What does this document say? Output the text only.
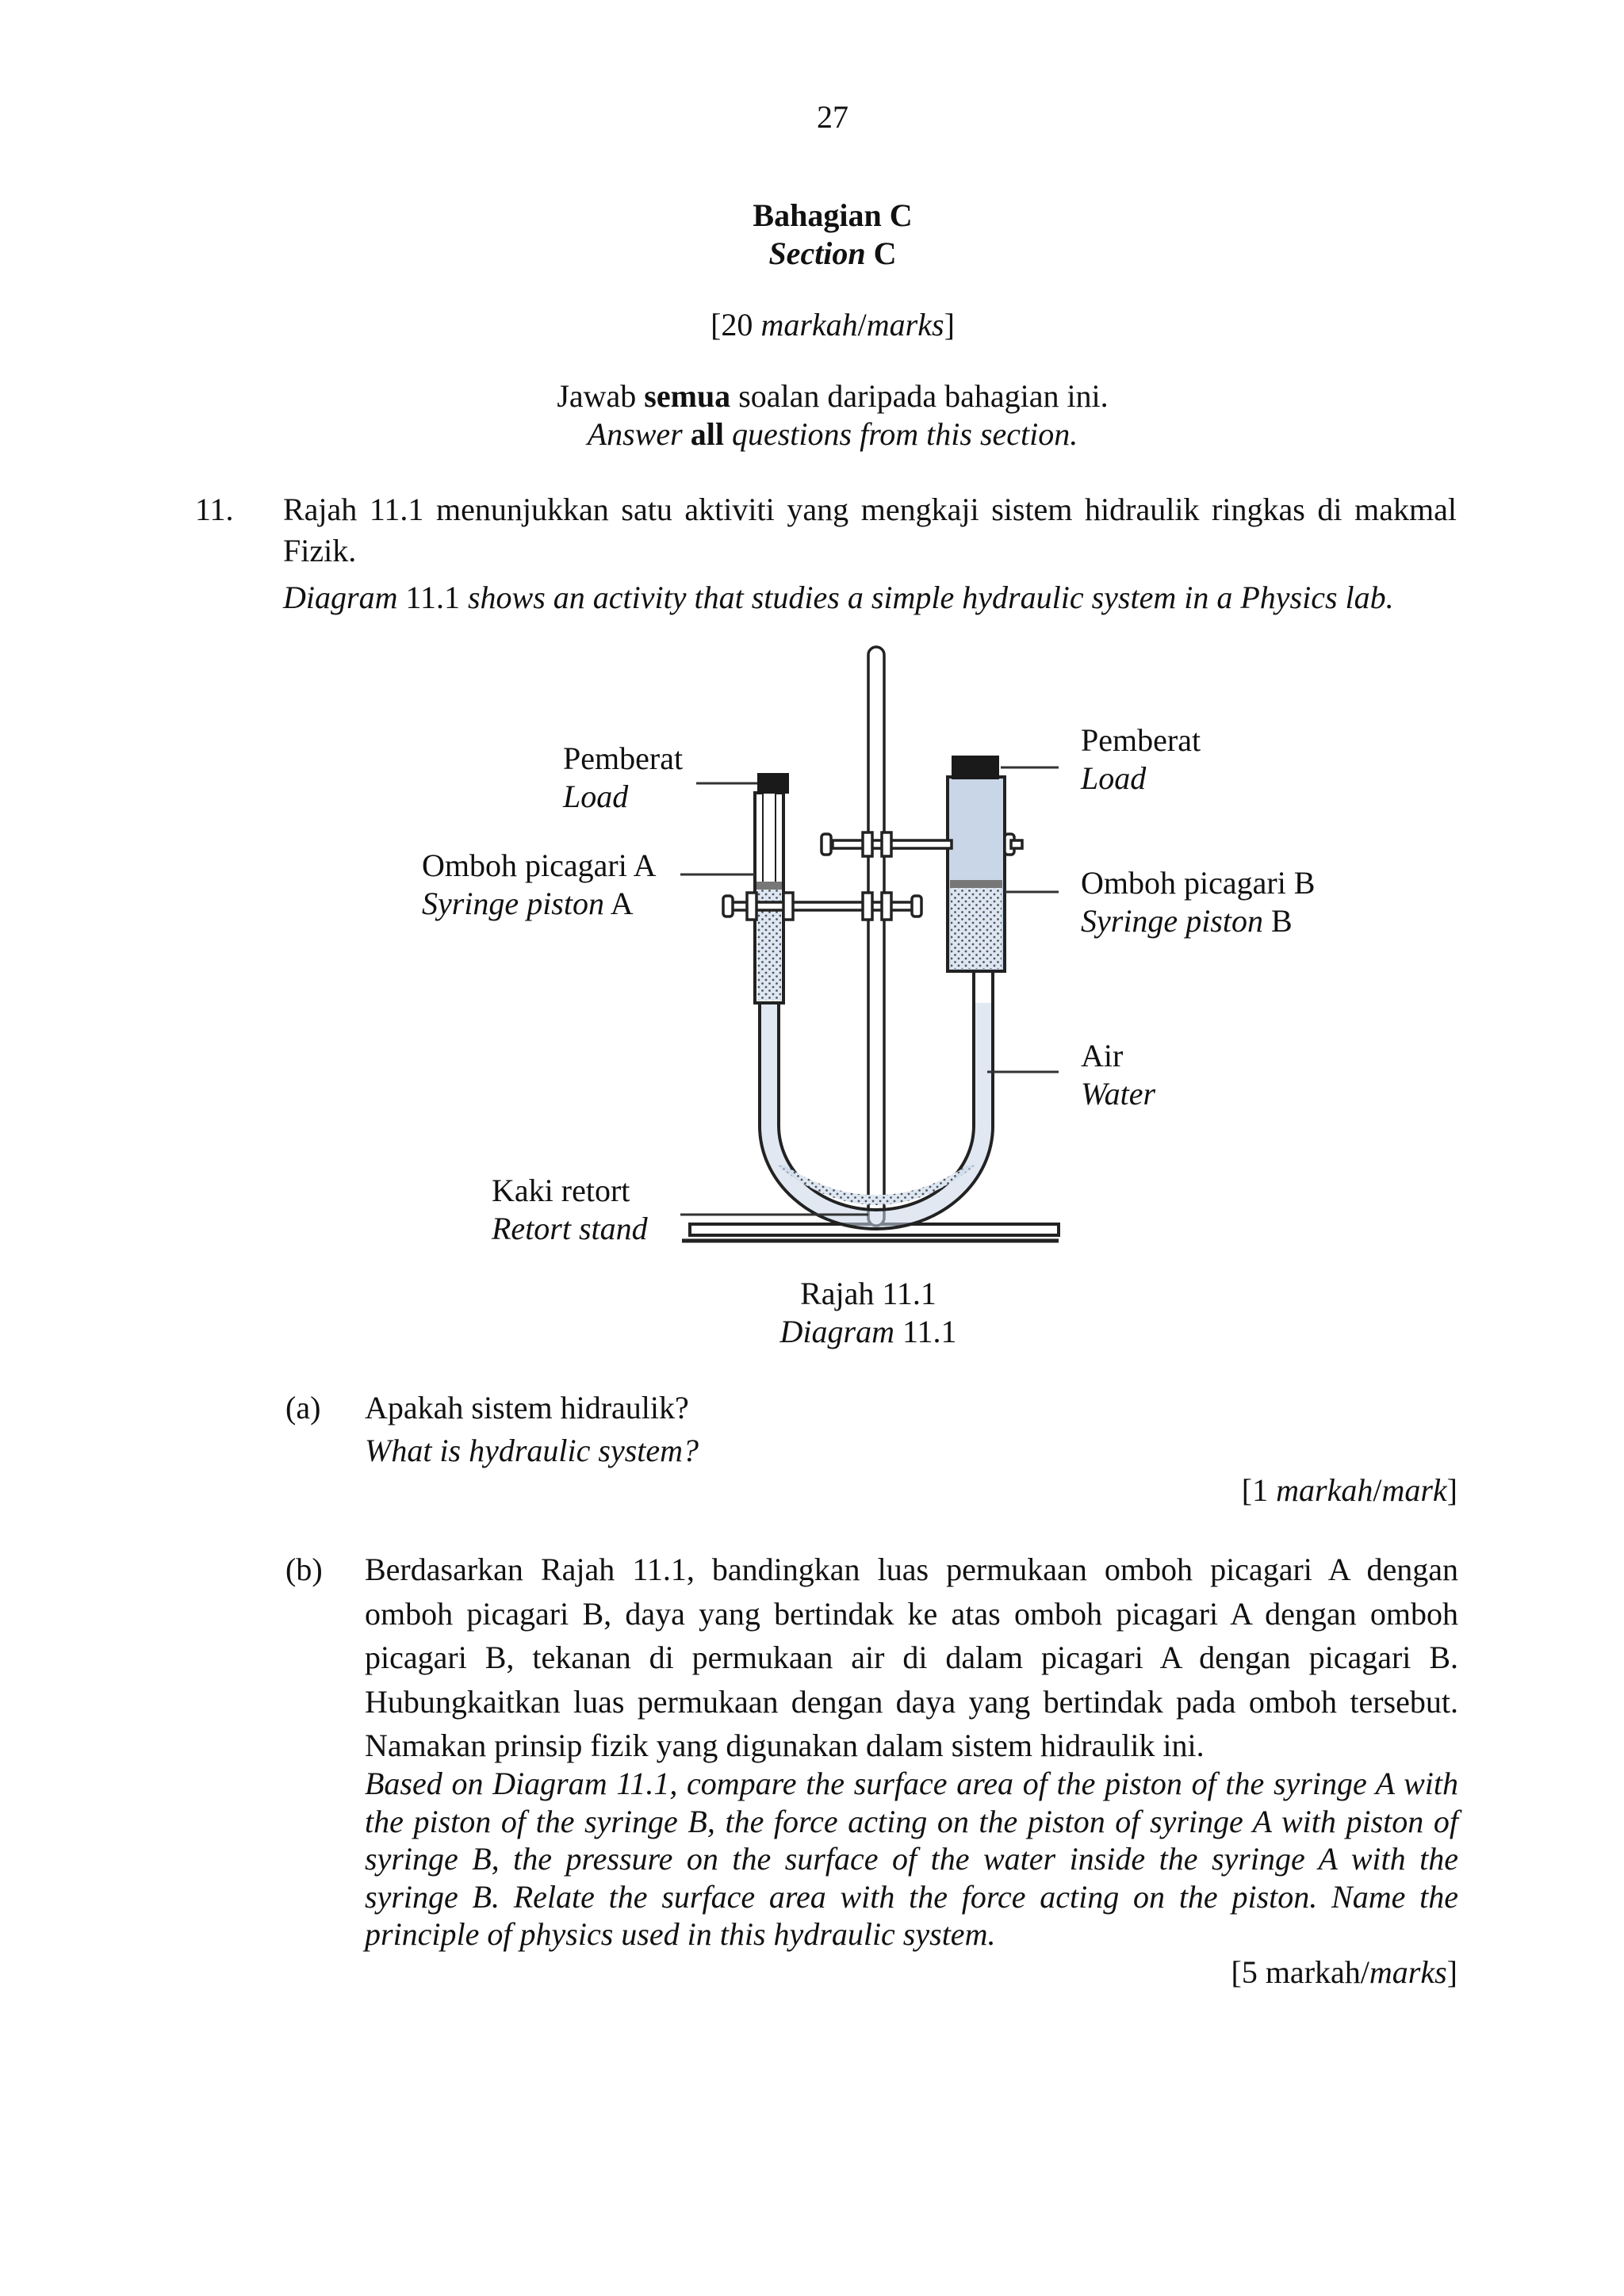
27
Bahagian C
Section C
[20 markah/marks]
Jawab semua soalan daripada bahagian ini.
Answer all questions from this section.
11. Rajah 11.1 menunjukkan satu aktiviti yang mengkaji sistem hidraulik ringkas di makmal Fizik.
Diagram 11.1 shows an activity that studies a simple hydraulic system in a Physics lab.
Pemberat
Load
Omboh picagari A
Syringe piston A
Pemberat
Load
Omboh picagari B
Syringe piston B
Air
Water
Kaki retort
Retort stand
Rajah 11.1
Diagram 11.1
(a) Apakah sistem hidraulik?
What is hydraulic system?
[1 markah/mark]
(b) Berdasarkan Rajah 11.1, bandingkan luas permukaan omboh picagari A dengan omboh picagari B, daya yang bertindak ke atas omboh picagari A dengan omboh picagari B, tekanan di permukaan air di dalam picagari A dengan picagari B. Hubungkaitkan luas permukaan dengan daya yang bertindak pada omboh tersebut. Namakan prinsip fizik yang digunakan dalam sistem hidraulik ini.
Based on Diagram 11.1, compare the surface area of the piston of the syringe A with the piston of the syringe B, the force acting on the piston of syringe A with piston of syringe B, the pressure on the surface of the water inside the syringe A with the syringe B. Relate the surface area with the force acting on the piston. Name the principle of physics used in this hydraulic system.
[5 markah/marks]
